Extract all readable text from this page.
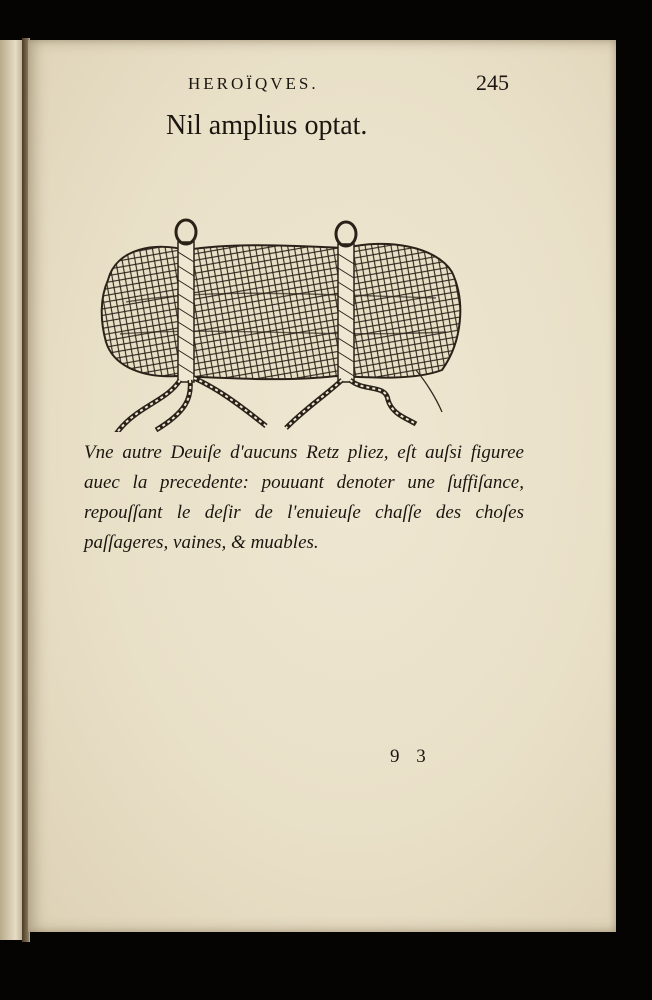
HEROÏQVES.	245
Nil amplius optat.
Vne autre Deuiſe d'aucuns Retz pliez, eſt auſsi figuree auec la precedente: pouuant denoter une ſuffiſance, repouſſant le deſir de l'enuieuſe chaſſe des choſes paſſageres, vaines, & muables.
9 3
